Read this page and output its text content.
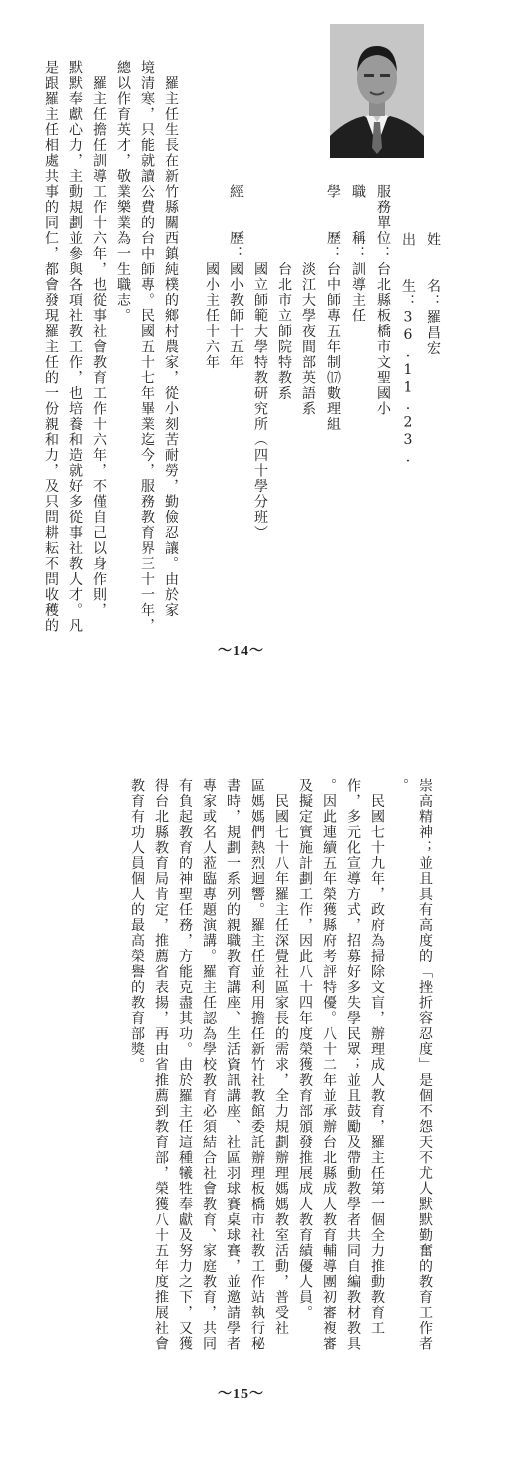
姓　　名：羅昌宏
出　　生：36.11.23.
服務單位：台北縣板橋市文聖國小
職　　稱：訓導主任
學　　歷：台中師專五年制⒄數理組
　　　　　淡江大學夜間部英語系
　　　　　台北市立師院特教系
　　　　　國立師範大學特教研究所（四十學分班）
經　　歷：國小教師十五年
　　　　　國小主任十六年
　羅主任生長在新竹縣關西鎮純樸的鄉村農家，從小刻苦耐勞，勤儉忍讓。由於家
境清寒，只能就讀公費的台中師專。民國五十七年畢業迄今，服務教育界三十一年，
總以作育英才，敬業樂業為一生職志。
　羅主任擔任訓導工作十六年，也從事社會教育工作十六年，不僅自己以身作則，
默默奉獻心力，主動規劃並參與各項社教工作，也培養和造就好多從事社教人才。凡
是跟羅主任相處共事的同仁，都會發現羅主任的一份親和力，及只問耕耘不問收穫的
～14～
崇高精神；並且具有高度的「挫折容忍度」是個不怨天不尤人默默勤奮的教育工作者
。
　民國七十九年，政府為掃除文盲，辦理成人教育，羅主任第一個全力推動教育工
作，多元化宣導方式，招募好多失學民眾；並且鼓勵及帶動教學者共同自編教材教具
。因此連續五年榮獲縣府考評特優。八十二年並承辦台北縣成人教育輔導團初審複審
及擬定實施計劃工作，因此八十四年度榮獲教育部頒發推展成人教育績優人員。
　民國七十八年羅主任深覺社區家長的需求，全力規劃辦理媽媽教室活動，普受社
區媽媽們熱烈迴響。羅主任並利用擔任新竹社教館委託辦理板橋市社教工作站執行秘
書時，規劃一系列的親職教育講座、生活資訊講座、社區羽球賽桌球賽，並邀請學者
專家或名人蒞臨專題演講。羅主任認為學校教育必須結合社會教育、家庭教育，共同
有負起教育的神聖任務，方能克盡其功。由於羅主任這種犧牲奉獻及努力之下，又獲
得台北縣教育局肯定，推薦省表揚，再由省推薦到教育部，榮獲八十五年度推展社會
教育有功人員個人的最高榮譽的教育部獎。
～15～
